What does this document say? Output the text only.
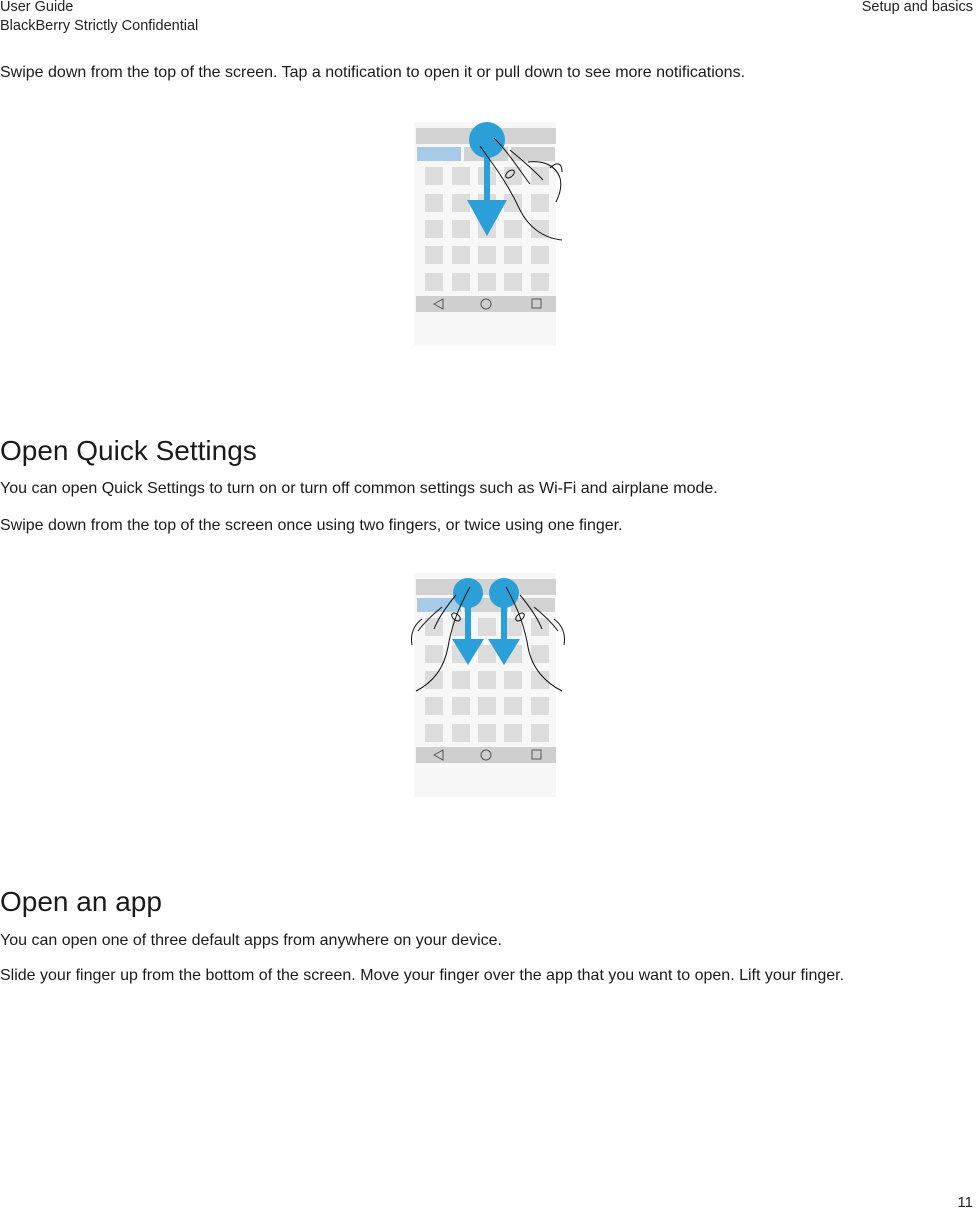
User Guide
BlackBerry Strictly Confidential
Setup and basics

Swipe down from the top of the screen. Tap a notification to open it or pull down to see more notifications.

Open Quick Settings

You can open Quick Settings to turn on or turn off common settings such as Wi-Fi and airplane mode.

Swipe down from the top of the screen once using two fingers, or twice using one finger.

Open an app

You can open one of three default apps from anywhere on your device.

Slide your finger up from the bottom of the screen. Move your finger over the app that you want to open. Lift your finger.

11
